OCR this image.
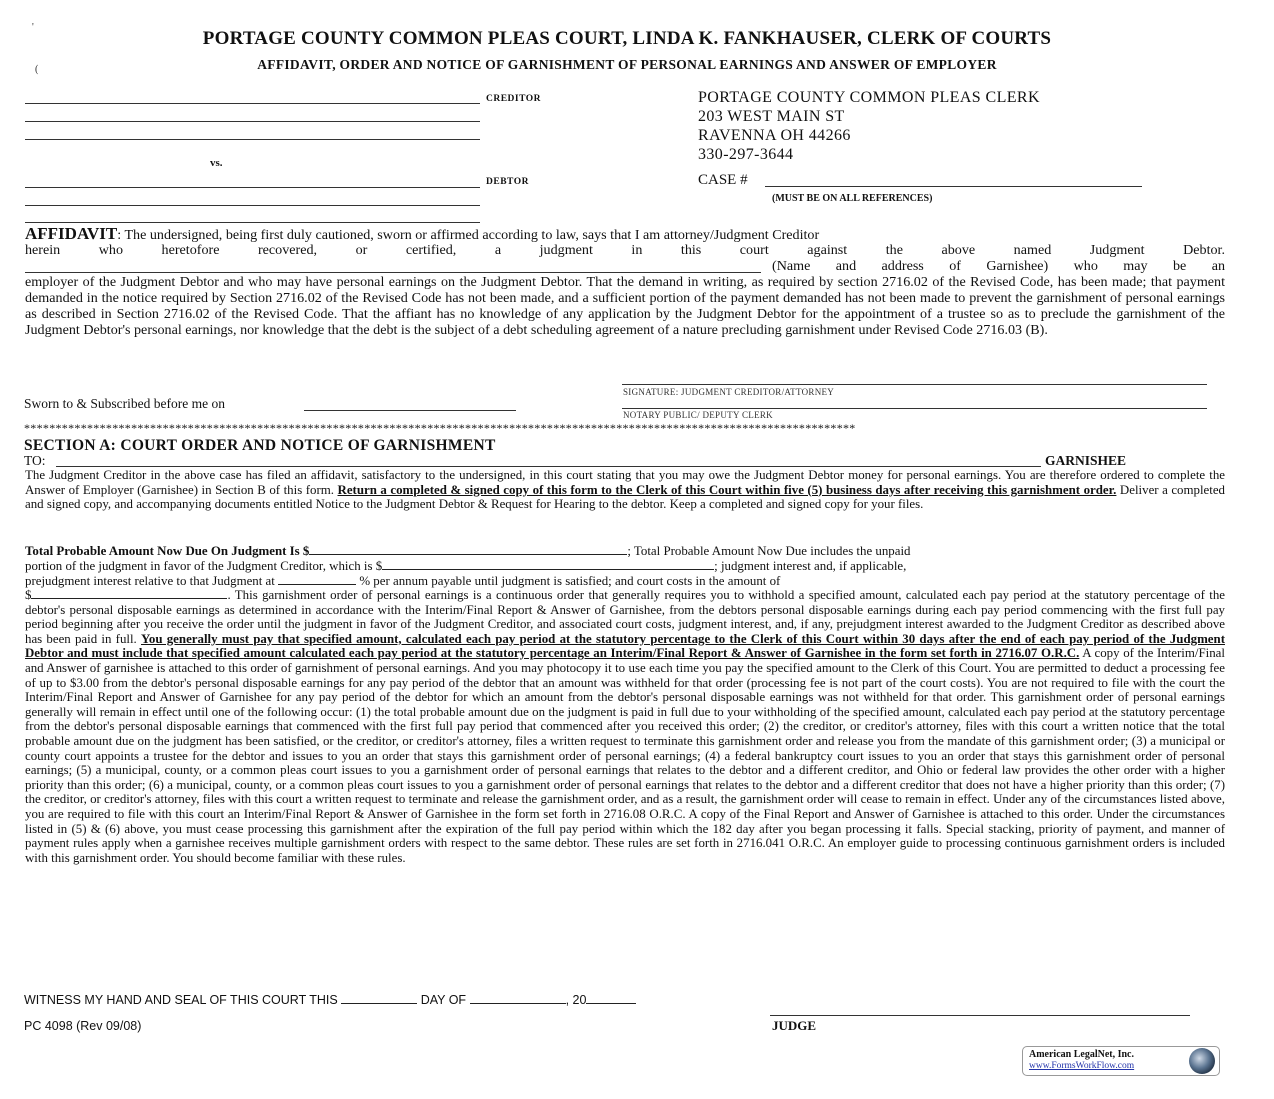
'
(
PORTAGE COUNTY COMMON PLEAS COURT, LINDA K. FANKHAUSER, CLERK OF COURTS
AFFIDAVIT, ORDER AND NOTICE OF GARNISHMENT OF PERSONAL EARNINGS AND ANSWER OF EMPLOYER
CREDITOR
vs.
DEBTOR
PORTAGE COUNTY COMMON PLEAS CLERK
203 WEST MAIN ST
RAVENNA OH 44266
330-297-3644
CASE #
(MUST BE ON ALL REFERENCES)
AFFIDAVIT: The undersigned, being first duly cautioned, sworn or affirmed according to law, says that I am attorney/Judgment Creditor
herein who heretofore recovered, or certified, a judgment in this court against the above named Judgment Debtor.
(Name and address of Garnishee) who may be an
employer of the Judgment Debtor and who may have personal earnings on the Judgment Debtor. That the demand in writing, as required by section 2716.02 of the Revised Code, has been made; that payment demanded in the notice required by Section 2716.02 of the Revised Code has not been made, and a sufficient portion of the payment demanded has not been made to prevent the garnishment of personal earnings as described in Section 2716.02 of the Revised Code. That the affiant has no knowledge of any application by the Judgment Debtor for the appointment of a trustee so as to preclude the garnishment of the Judgment Debtor's personal earnings, nor knowledge that the debt is the subject of a debt scheduling agreement of a nature precluding garnishment under Revised Code 2716.03 (B).
SIGNATURE: JUDGMENT CREDITOR/ATTORNEY
Sworn to & Subscribed before me on
NOTARY PUBLIC/ DEPUTY CLERK
************************************************************************************************************************************
SECTION A: COURT ORDER AND NOTICE OF GARNISHMENT
TO:	GARNISHEE
The Judgment Creditor in the above case has filed an affidavit, satisfactory to the undersigned, in this court stating that you may owe the Judgment Debtor money for personal earnings. You are therefore ordered to complete the Answer of Employer (Garnishee) in Section B of this form. Return a completed & signed copy of this form to the Clerk of this Court within five (5) business days after receiving this garnishment order. Deliver a completed and signed copy, and accompanying documents entitled Notice to the Judgment Debtor & Request for Hearing to the debtor. Keep a completed and signed copy for your files.
Total Probable Amount Now Due On Judgment Is $	; Total Probable Amount Now Due includes the unpaid
portion of the judgment in favor of the Judgment Creditor, which is $	; judgment interest and, if applicable,
prejudgment interest relative to that Judgment at	% per annum payable until judgment is satisfied; and court costs in the amount of
$	. This garnishment order of personal earnings is a continuous order that generally requires you to withhold a specified amount, calculated each pay period at the statutory percentage of the debtor's personal disposable earnings as determined in accordance with the Interim/Final Report & Answer of Garnishee, from the debtors personal disposable earnings during each pay period commencing with the first full pay period beginning after you receive the order until the judgment in favor of the Judgment Creditor, and associated court costs, judgment interest, and, if any, prejudgment interest awarded to the Judgment Creditor as described above has been paid in full. You generally must pay that specified amount, calculated each pay period at the statutory percentage to the Clerk of this Court within 30 days after the end of each pay period of the Judgment Debtor and must include that specified amount calculated each pay period at the statutory percentage an Interim/Final Report & Answer of Garnishee in the form set forth in 2716.07 O.R.C. A copy of the Interim/Final and Answer of garnishee is attached to this order of garnishment of personal earnings. And you may photocopy it to use each time you pay the specified amount to the Clerk of this Court. You are permitted to deduct a processing fee of up to $3.00 from the debtor's personal disposable earnings for any pay period of the debtor that an amount was withheld for that order (processing fee is not part of the court costs). You are not required to file with the court the Interim/Final Report and Answer of Garnishee for any pay period of the debtor for which an amount from the debtor's personal disposable earnings was not withheld for that order. This garnishment order of personal earnings generally will remain in effect until one of the following occur: (1) the total probable amount due on the judgment is paid in full due to your withholding of the specified amount, calculated each pay period at the statutory percentage from the debtor's personal disposable earnings that commenced with the first full pay period that commenced after you received this order; (2) the creditor, or creditor's attorney, files with this court a written notice that the total probable amount due on the judgment has been satisfied, or the creditor, or creditor's attorney, files a written request to terminate this garnishment order and release you from the mandate of this garnishment order; (3) a municipal or county court appoints a trustee for the debtor and issues to you an order that stays this garnishment order of personal earnings; (4) a federal bankruptcy court issues to you an order that stays this garnishment order of personal earnings; (5) a municipal, county, or a common pleas court issues to you a garnishment order of personal earnings that relates to the debtor and a different creditor, and Ohio or federal law provides the other order with a higher priority than this order; (6) a municipal, county, or a common pleas court issues to you a garnishment order of personal earnings that relates to the debtor and a different creditor that does not have a higher priority than this order; (7) the creditor, or creditor's attorney, files with this court a written request to terminate and release the garnishment order, and as a result, the garnishment order will cease to remain in effect. Under any of the circumstances listed above, you are required to file with this court an Interim/Final Report & Answer of Garnishee in the form set forth in 2716.08 O.R.C. A copy of the Final Report and Answer of Garnishee is attached to this order. Under the circumstances listed in (5) & (6) above, you must cease processing this garnishment after the expiration of the full pay period within which the 182 day after you began processing it falls. Special stacking, priority of payment, and manner of payment rules apply when a garnishee receives multiple garnishment orders with respect to the same debtor. These rules are set forth in 2716.041 O.R.C. An employer guide to processing continuous garnishment orders is included with this garnishment order. You should become familiar with these rules.
WITNESS MY HAND AND SEAL OF THIS COURT THIS	DAY OF	, 20
PC 4098 (Rev 09/08)	JUDGE
American LegalNet, Inc.
www.FormsWorkFlow.com
